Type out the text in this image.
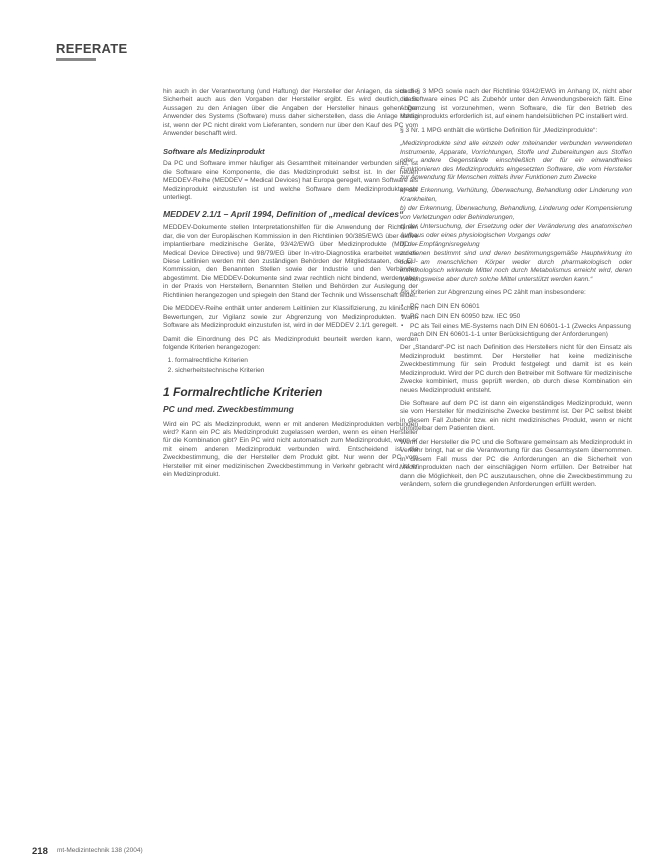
REFERATE

hin auch in der Verantwortung (und Haftung) der Hersteller der Anlagen, da sich die Sicherheit auch aus den Vorgaben der Hersteller ergibt. Es wird deutlich, dass Aussagen zu den Anlagen über die Angaben der Hersteller hinaus gehen. Der Anwender des Systems (Software) muss daher sicherstellen, dass die Anlage richtig ist, wenn der PC nicht direkt vom Lieferanten, sondern nur über den Kauf des PC vom Anwender beschafft wird.

Software als Medizinprodukt

Da PC und Software immer häufiger als Gesamtheit miteinander verbunden sind, ist die Software eine Komponente, die das Medizinprodukt selbst ist. In der neuen MEDDEV-Reihe (MEDDEV = Medical Devices) hat Europa geregelt, wann Software als Medizinprodukt einzustufen ist und welche Software dem Medizinprodukterecht unterliegt.

MEDDEV 2.1/1 – April 1994, Definition of „medical devices“

MEDDEV-Dokumente stellen Interpretationshilfen für die Anwendung der Richtlinien dar, die von der Europäischen Kommission in den Richtlinien 90/385/EWG über aktive implantierbare medizinische Geräte, 93/42/EWG über Medizinprodukte (MDD – Medical Device Directive) und 98/79/EG über In-vitro-Diagnostika erarbeitet wurden. Diese Leitlinien werden mit den zuständigen Behörden der Mitgliedstaaten, der EU-Kommission, den Benannten Stellen sowie der Industrie und den Verbänden abgestimmt. Die MEDDEV-Dokumente sind zwar rechtlich nicht bindend, werden aber in der Praxis von Herstellern, Benannten Stellen und Behörden zur Auslegung der Richtlinien herangezogen und spiegeln den Stand der Technik und Wissenschaft wider.

Die MEDDEV-Reihe enthält unter anderem Leitlinien zur Klassifizierung, zu klinischen Bewertungen, zur Vigilanz sowie zur Abgrenzung von Medizinprodukten. Wann Software als Medizinprodukt einzustufen ist, wird in der MEDDEV 2.1/1 geregelt.

Damit die Einordnung des PC als Medizinprodukt beurteilt werden kann, werden folgende Kriterien herangezogen:

1. formalrechtliche Kriterien
2. sicherheitstechnische Kriterien
1 Formalrechtliche Kriterien
PC und med. Zweckbestimmung

Wird ein PC als Medizinprodukt, wenn er mit anderen Medizinprodukten verbunden wird? Kann ein PC als Medizinprodukt zugelassen werden, wenn es einen Hersteller für die Kombination gibt? Ein PC wird nicht automatisch zum Medizinprodukt, wenn er mit einem anderen Medizinprodukt verbunden wird. Entscheidend ist die Zweckbestimmung, die der Hersteller dem Produkt gibt. Nur wenn der PC vom Hersteller mit einer medizinischen Zweckbestimmung in Verkehr gebracht wird, ist er ein Medizinprodukt.

nach § 3 MPG sowie nach der Richtlinie 93/42/EWG im Anhang IX, nicht aber die Software eines PC als Zubehör unter den Anwendungsbereich fällt. Eine Abgrenzung ist vorzunehmen, wenn Software, die für den Betrieb des Medizinprodukts erforderlich ist, auf einem handelsüblichen PC installiert wird.

§ 3 Nr. 1 MPG enthält die wörtliche Definition für „Medizinprodukte“:

„Medizinprodukte sind alle einzeln oder miteinander verbunden verwendeten Instrumente, Apparate, Vorrichtungen, Stoffe und Zubereitungen aus Stoffen oder andere Gegenstände einschließlich der für ein einwandfreies Funktionieren des Medizinprodukts eingesetzten Software, die vom Hersteller zur Anwendung für Menschen mittels ihrer Funktionen zum Zwecke

a) der Erkennung, Verhütung, Überwachung, Behandlung oder Linderung von Krankheiten,

b) der Erkennung, Überwachung, Behandlung, Linderung oder Kompensierung von Verletzungen oder Behinderungen,

c) der Untersuchung, der Ersetzung oder der Veränderung des anatomischen Aufbaus oder eines physiologischen Vorgangs oder

d) der Empfängnisregelung

zu dienen bestimmt sind und deren bestimmungsgemäße Hauptwirkung im oder am menschlichen Körper weder durch pharmakologisch oder immunologisch wirkende Mittel noch durch Metabolismus erreicht wird, deren Wirkungsweise aber durch solche Mittel unterstützt werden kann.“

Als Kriterien zur Abgrenzung eines PC zählt man insbesondere:

▪ PC nach DIN EN 60601
▪ PC nach DIN EN 60950 bzw. IEC 950
▪ PC als Teil eines ME-Systems nach DIN EN 60601-1-1 (Zwecks Anpassung nach DIN EN 60601-1-1 unter Berücksichtigung der Anforderungen)

Der „Standard“-PC ist nach Definition des Herstellers nicht für den Einsatz als Medizinprodukt bestimmt. Der Hersteller hat keine medizinische Zweckbestimmung für sein Produkt festgelegt und damit ist es kein Medizinprodukt. Wird der PC durch den Betreiber mit Software für medizinische Zwecke kombiniert, muss geprüft werden, ob durch diese Kombination ein neues Medizinprodukt entsteht.

Die Software auf dem PC ist dann ein eigenständiges Medizinprodukt, wenn sie vom Hersteller für medizinische Zwecke bestimmt ist. Der PC selbst bleibt in diesem Fall Zubehör bzw. ein nicht medizinisches Produkt, wenn er nicht unmittelbar dem Patienten dient.

Wenn der Hersteller die PC und die Software gemeinsam als Medizinprodukt in Verkehr bringt, hat er die Verantwortung für das Gesamtsystem übernommen. In diesem Fall muss der PC die Anforderungen an die Sicherheit von Medizinprodukten nach der einschlägigen Norm erfüllen. Der Betreiber hat dann die Möglichkeit, den PC auszutauschen, ohne die Zweckbestimmung zu verändern, sofern die grundlegenden Anforderungen erfüllt werden.

218 mt-Medizintechnik 138 (2004)
